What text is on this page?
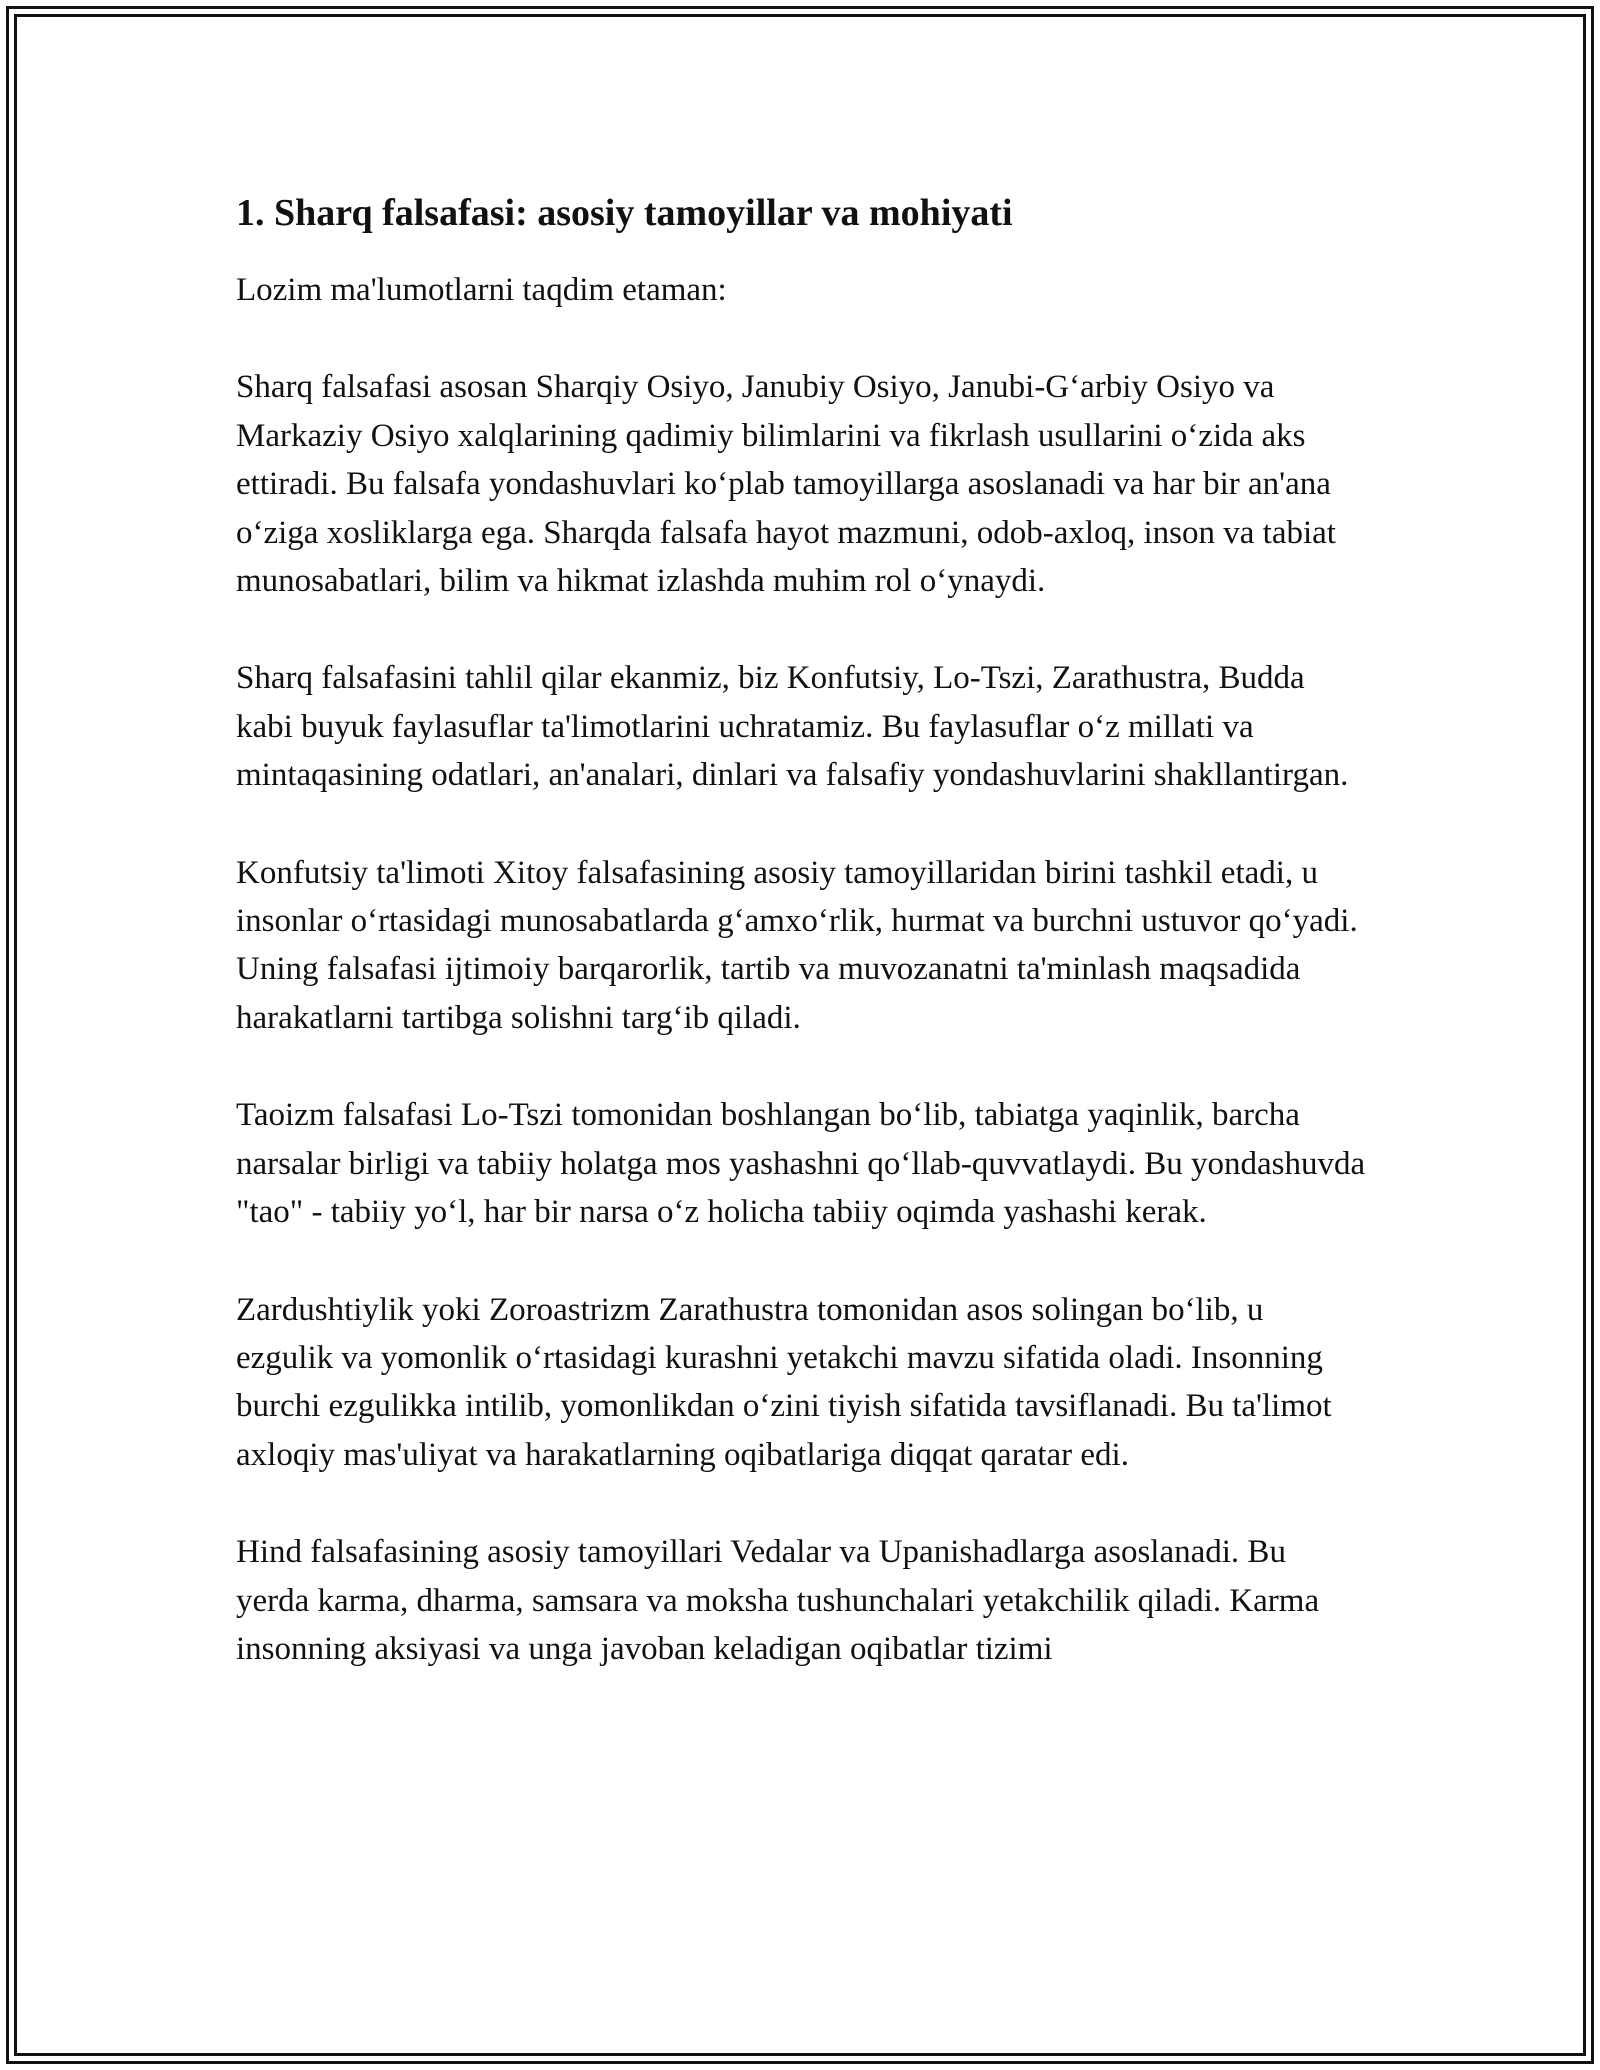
1. Sharq falsafasi: asosiy tamoyillar va mohiyati

Lozim ma'lumotlarni taqdim etaman:

Sharq falsafasi asosan Sharqiy Osiyo, Janubiy Osiyo, Janubi-G‘arbiy Osiyo va Markaziy Osiyo xalqlarining qadimiy bilimlarini va fikrlash usullarini o‘zida aks ettiradi. Bu falsafa yondashuvlari ko‘plab tamoyillarga asoslanadi va har bir an'ana o‘ziga xosliklarga ega. Sharqda falsafa hayot mazmuni, odob-axloq, inson va tabiat munosabatlari, bilim va hikmat izlashda muhim rol o‘ynaydi.

Sharq falsafasini tahlil qilar ekanmiz, biz Konfutsiy, Lo-Tszi, Zarathustra, Budda kabi buyuk faylasuflar ta'limotlarini uchratamiz. Bu faylasuflar o‘z millati va mintaqasining odatlari, an'analari, dinlari va falsafiy yondashuvlarini shakllantirgan.

Konfutsiy ta'limoti Xitoy falsafasining asosiy tamoyillaridan birini tashkil etadi, u insonlar o‘rtasidagi munosabatlarda g‘amxo‘rlik, hurmat va burchni ustuvor qo‘yadi. Uning falsafasi ijtimoiy barqarorlik, tartib va muvozanatni ta'minlash maqsadida harakatlarni tartibga solishni targ‘ib qiladi.

Taoizm falsafasi Lo-Tszi tomonidan boshlangan bo‘lib, tabiatga yaqinlik, barcha narsalar birligi va tabiiy holatga mos yashashni qo‘llab-quvvatlaydi. Bu yondashuvda "tao" - tabiiy yo‘l, har bir narsa o‘z holicha tabiiy oqimda yashashi kerak.

Zardushtiylik yoki Zoroastrizm Zarathustra tomonidan asos solingan bo‘lib, u ezgulik va yomonlik o‘rtasidagi kurashni yetakchi mavzu sifatida oladi. Insonning burchi ezgulikka intilib, yomonlikdan o‘zini tiyish sifatida tavsiflanadi. Bu ta'limot axloqiy mas'uliyat va harakatlarning oqibatlariga diqqat qaratar edi.

Hind falsafasining asosiy tamoyillari Vedalar va Upanishadlarga asoslanadi. Bu yerda karma, dharma, samsara va moksha tushunchalari yetakchilik qiladi. Karma insonning aksiyasi va unga javoban keladigan oqibatlar tizimi
